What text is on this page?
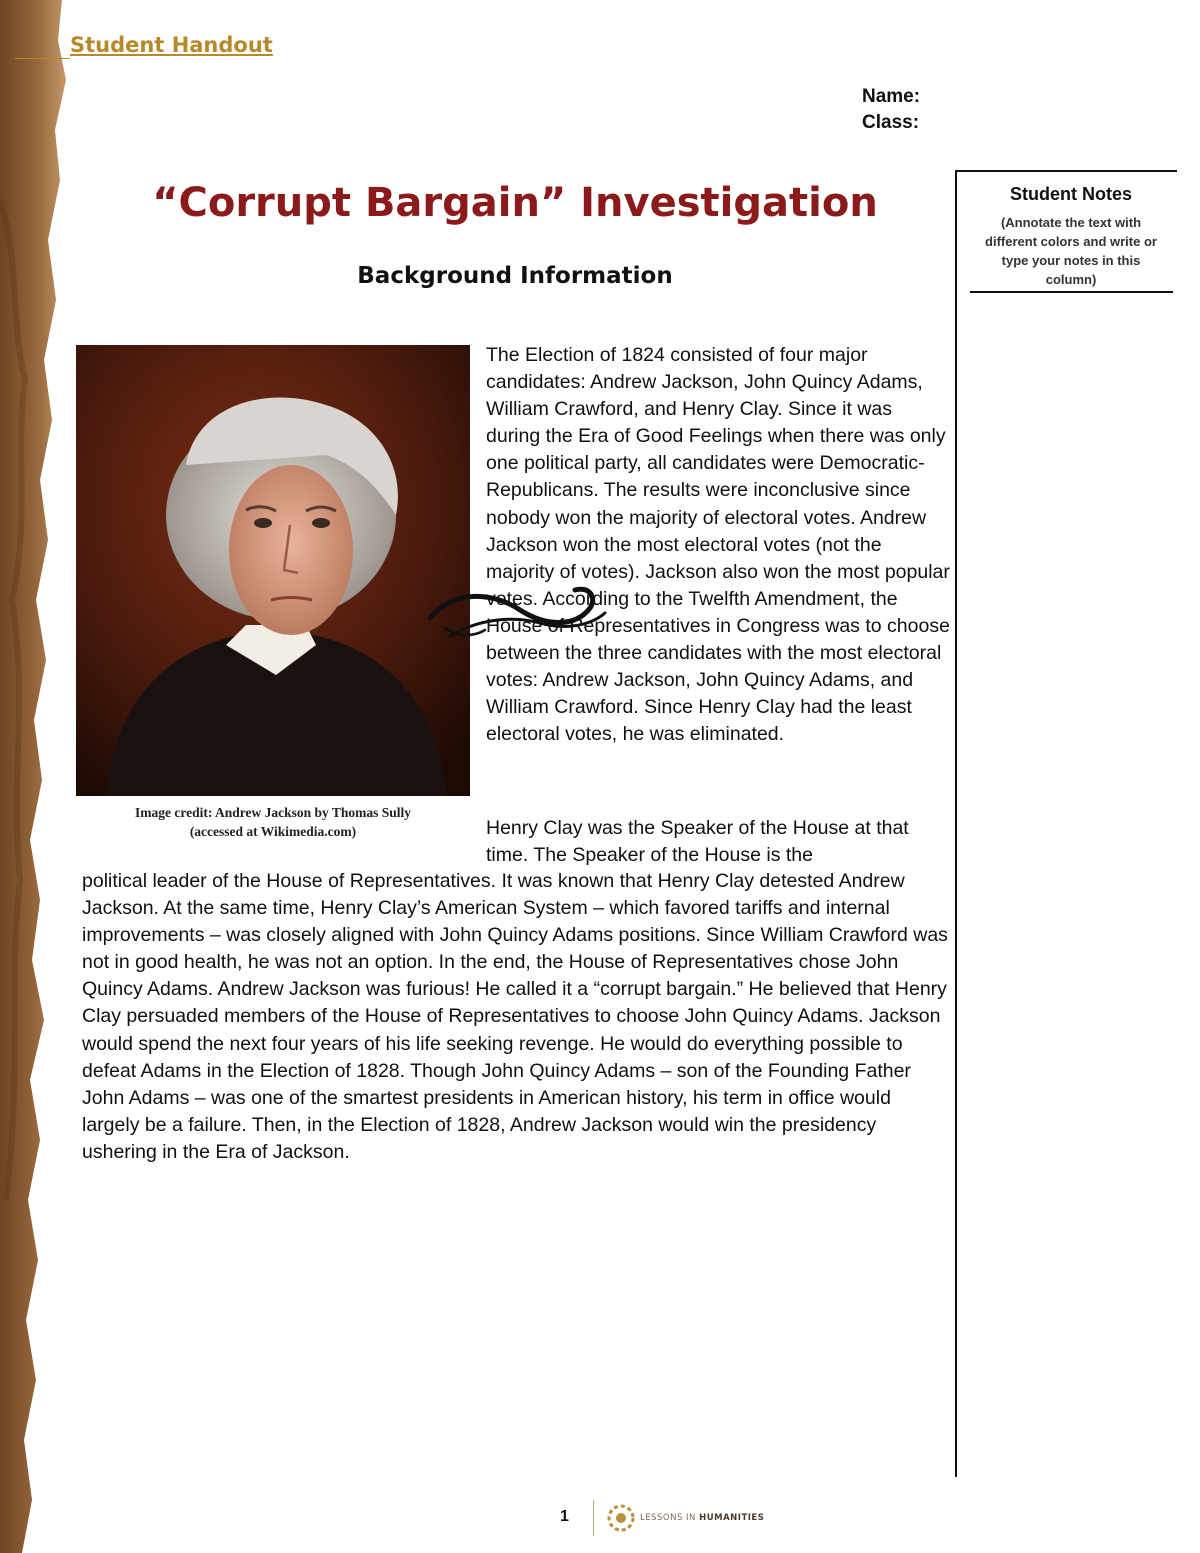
Student Handout
Name:
Class:
Student Notes
(Annotate the text with different colors and write or type your notes in this column)
“Corrupt Bargain” Investigation
Background Information
Image credit: Andrew Jackson by Thomas Sully
(accessed at Wikimedia.com)

The Election of 1824 consisted of four major candidates: Andrew Jackson, John Quincy Adams, William Crawford, and Henry Clay. Since it was during the Era of Good Feelings when there was only one political party, all candidates were Democratic-Republicans. The results were inconclusive since nobody won the majority of electoral votes. Andrew Jackson won the most electoral votes (not the majority of votes). Jackson also won the most popular votes. According to the Twelfth Amendment, the House of Representatives in Congress was to choose between the three candidates with the most electoral votes: Andrew Jackson, John Quincy Adams, and William Crawford. Since Henry Clay had the least electoral votes, he was eliminated.

Henry Clay was the Speaker of the House at that time. The Speaker of the House is the

political leader of the House of Representatives. It was known that Henry Clay detested Andrew Jackson. At the same time, Henry Clay’s American System – which favored tariffs and internal improvements – was closely aligned with John Quincy Adams positions. Since William Crawford was not in good health, he was not an option. In the end, the House of Representatives chose John Quincy Adams. Andrew Jackson was furious! He called it a “corrupt bargain.” He believed that Henry Clay persuaded members of the House of Representatives to choose John Quincy Adams. Jackson would spend the next four years of his life seeking revenge. He would do everything possible to defeat Adams in the Election of 1828. Though John Quincy Adams – son of the Founding Father John Adams – was one of the smartest presidents in American history, his term in office would largely be a failure. Then, in the Election of 1828, Andrew Jackson would win the presidency ushering in the Era of Jackson.

1	LESSONS IN HUMANITIES
